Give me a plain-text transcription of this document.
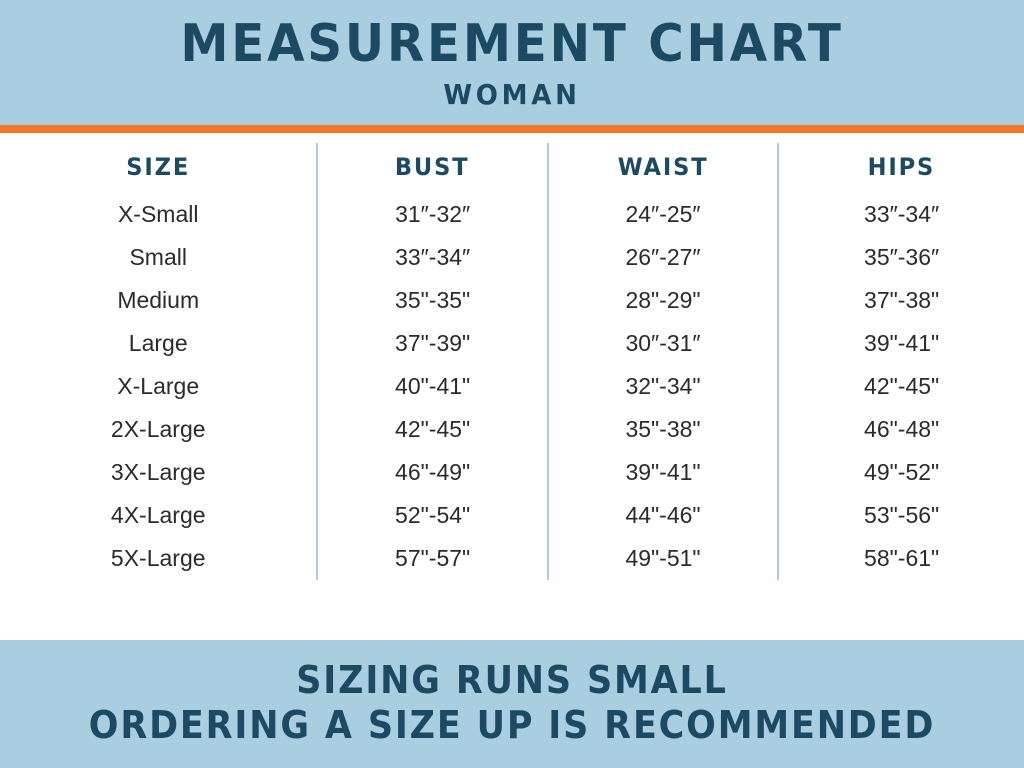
MEASUREMENT CHART
WOMAN
SIZE	BUST	WAIST	HIPS
X-Small	31″-32″	24″-25″	33″-34″
Small	33″-34″	26″-27″	35″-36″
Medium	35"-35"	28"-29"	37"-38"
Large	37"-39"	30″-31″	39"-41"
X-Large	40"-41"	32"-34"	42"-45"
2X-Large	42"-45"	35"-38"	46"-48"
3X-Large	46"-49"	39"-41"	49"-52"
4X-Large	52"-54"	44"-46"	53"-56"
5X-Large	57"-57"	49"-51"	58"-61"
SIZING RUNS SMALL
ORDERING A SIZE UP IS RECOMMENDED
